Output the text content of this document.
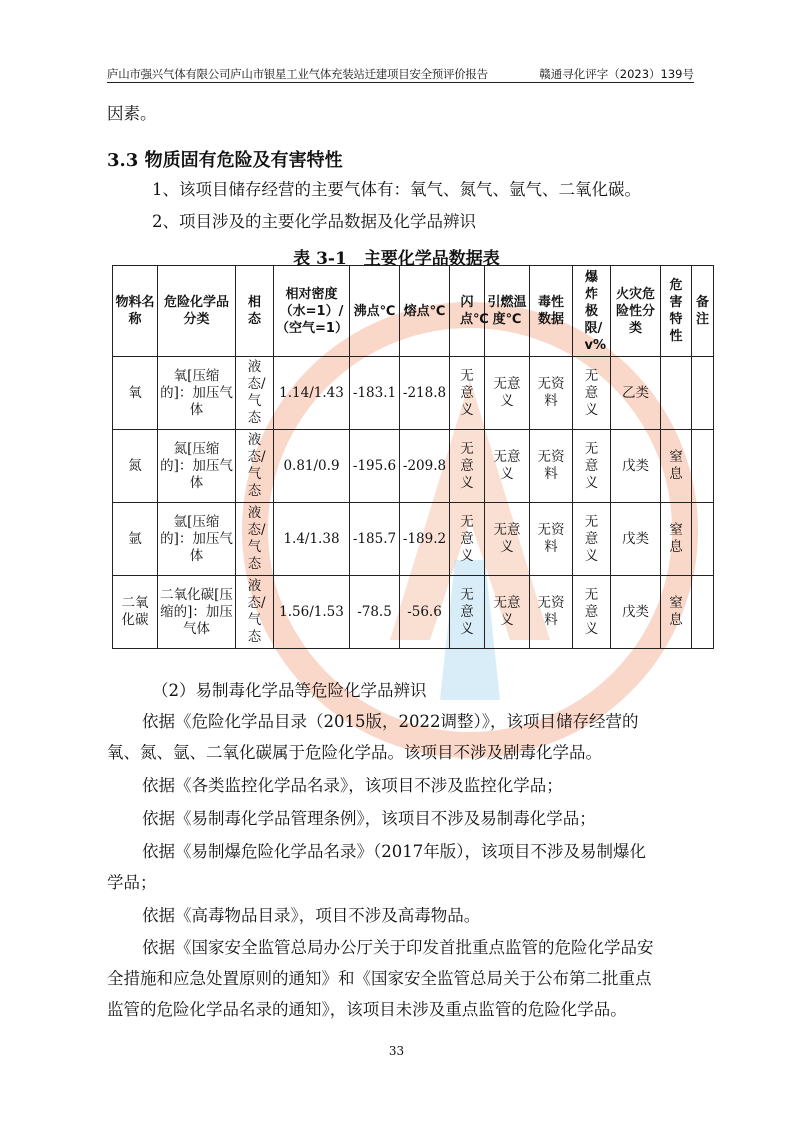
庐山市强兴气体有限公司庐山市银星工业气体充装站迁建项目安全预评价报告	赣通寻化评字（2023）139号
因素。
3.3 物质固有危险及有害特性
1、该项目储存经营的主要气体有：氧气、氮气、氩气、二氧化碳。
2、项目涉及的主要化学品数据及化学品辨识
表 3-1　主要化学品数据表
物料名称	危险化学品分类	相态	相对密度（水=1）/（空气=1）	沸点℃	熔点℃	闪点℃	引燃温度℃	毒性数据	爆炸极限/v%	火灾危险性分类	危害特性	备注
氧	氧[压缩的]：加压气体	液态/气态	1.14/1.43	-183.1	-218.8	无意义	无意义	无资料	无意义	乙类		
氮	氮[压缩的]：加压气体	液态/气态	0.81/0.9	-195.6	-209.8	无意义	无意义	无资料	无意义	戊类	窒息	
氩	氩[压缩的]：加压气体	液态/气态	1.4/1.38	-185.7	-189.2	无意义	无意义	无资料	无意义	戊类	窒息	
二氧化碳	二氧化碳[压缩的]：加压气体	液态/气态	1.56/1.53	-78.5	-56.6	无意义	无意义	无资料	无意义	戊类	窒息	
（2）易制毒化学品等危险化学品辨识
依据《危险化学品目录（2015版，2022调整）》，该项目储存经营的
氧、氮、氩、二氧化碳属于危险化学品。该项目不涉及剧毒化学品。
依据《各类监控化学品名录》，该项目不涉及监控化学品；
依据《易制毒化学品管理条例》，该项目不涉及易制毒化学品；
依据《易制爆危险化学品名录》（2017年版），该项目不涉及易制爆化
学品；
依据《高毒物品目录》，项目不涉及高毒物品。
依据《国家安全监管总局办公厅关于印发首批重点监管的危险化学品安
全措施和应急处置原则的通知》和《国家安全监管总局关于公布第二批重点
监管的危险化学品名录的通知》，该项目未涉及重点监管的危险化学品。
33
